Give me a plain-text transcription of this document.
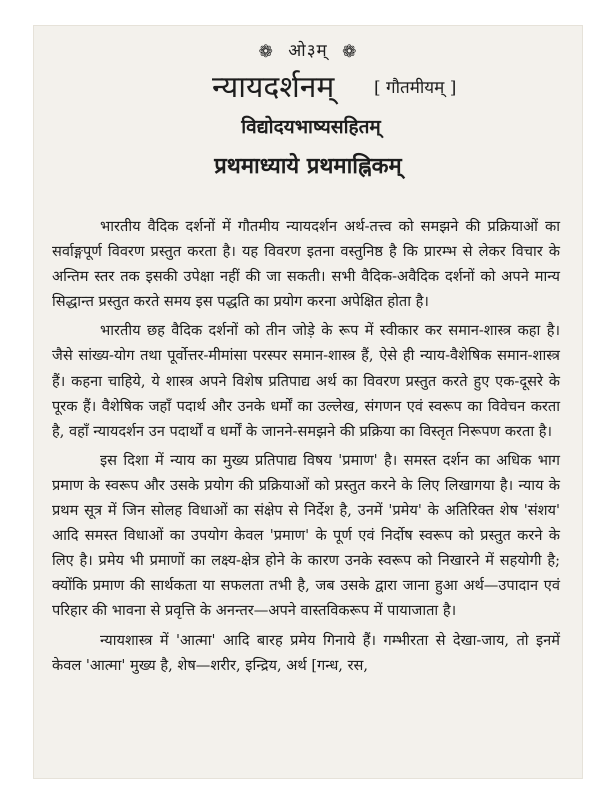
❁ ओ३म् ❁
न्यायदर्शनम् [ गौतमीयम् ]
विद्योदयभाष्यसहितम्
प्रथमाध्याये प्रथमाह्निकम्

भारतीय वैदिक दर्शनों में गौतमीय न्यायदर्शन अर्थ-तत्त्व को समझने की प्रक्रियाओं का सर्वाङ्गपूर्ण विवरण प्रस्तुत करता है। यह विवरण इतना वस्तुनिष्ठ है कि प्रारम्भ से लेकर विचार के अन्तिम स्तर तक इसकी उपेक्षा नहीं की जा सकती। सभी वैदिक-अवैदिक दर्शनों को अपने मान्य सिद्धान्त प्रस्तुत करते समय इस पद्धति का प्रयोग करना अपेक्षित होता है।

भारतीय छह वैदिक दर्शनों को तीन जोड़े के रूप में स्वीकार कर समान-शास्त्र कहा है। जैसे सांख्य-योग तथा पूर्वोत्तर-मीमांसा परस्पर समान-शास्त्र हैं, ऐसे ही न्याय-वैशेषिक समान-शास्त्र हैं। कहना चाहिये, ये शास्त्र अपने विशेष प्रतिपाद्य अर्थ का विवरण प्रस्तुत करते हुए एक-दूसरे के पूरक हैं। वैशेषिक जहाँ पदार्थ और उनके धर्मों का उल्लेख, संगणन एवं स्वरूप का विवेचन करता है, वहाँ न्यायदर्शन उन पदार्थों व धर्मों के जानने-समझने की प्रक्रिया का विस्तृत निरूपण करता है।

इस दिशा में न्याय का मुख्य प्रतिपाद्य विषय 'प्रमाण' है। समस्त दर्शन का अधिक भाग प्रमाण के स्वरूप और उसके प्रयोग की प्रक्रियाओं को प्रस्तुत करने के लिए लिखागया है। न्याय के प्रथम सूत्र में जिन सोलह विधाओं का संक्षेप से निर्देश है, उनमें 'प्रमेय' के अतिरिक्त शेष 'संशय' आदि समस्त विधाओं का उपयोग केवल 'प्रमाण' के पूर्ण एवं निर्दोष स्वरूप को प्रस्तुत करने के लिए है। प्रमेय भी प्रमाणों का लक्ष्य-क्षेत्र होने के कारण उनके स्वरूप को निखारने में सहयोगी है; क्योंकि प्रमाण की सार्थकता या सफलता तभी है, जब उसके द्वारा जाना हुआ अर्थ—उपादान एवं परिहार की भावना से प्रवृत्ति के अनन्तर—अपने वास्तविकरूप में पायाजाता है।

न्यायशास्त्र में 'आत्मा' आदि बारह प्रमेय गिनाये हैं। गम्भीरता से देखा-जाय, तो इनमें केवल 'आत्मा' मुख्य है, शेष—शरीर, इन्द्रिय, अर्थ [गन्ध, रस,
